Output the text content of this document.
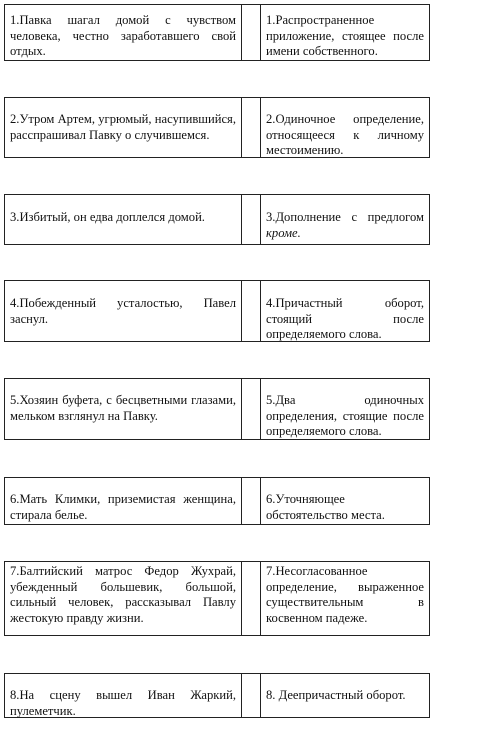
1.Павка шагал домой с чувством человека, честно заработавшего свой отдых.
1.Распространенное приложение, стоящее после имени собственного.
2.Утром Артем, угрюмый, насупившийся, расспрашивал Павку о случившемся.
2.Одиночное определение, относящееся к личному местоимению.
3.Избитый, он едва доплелся домой.	3.Дополнение с предлогом кроме.
4.Побежденный усталостью, Павел заснул.
4.Причастный оборот, стоящий после определяемого слова.
5.Хозяин буфета, с бесцветными глазами, мельком взглянул на Павку.
5.Два одиночных определения, стоящие после определяемого слова.
6.Мать Климки, приземистая женщина, стирала белье.
6.Уточняющее обстоятельство места.
7.Балтийский матрос Федор Жухрай, убежденный большевик, большой, сильный человек, рассказывал Павлу жестокую правду жизни.
7.Несогласованное определение, выраженное существительным в косвенном падеже.
8.На сцену вышел Иван Жаркий, пулеметчик.
8. Деепричастный оборот.
